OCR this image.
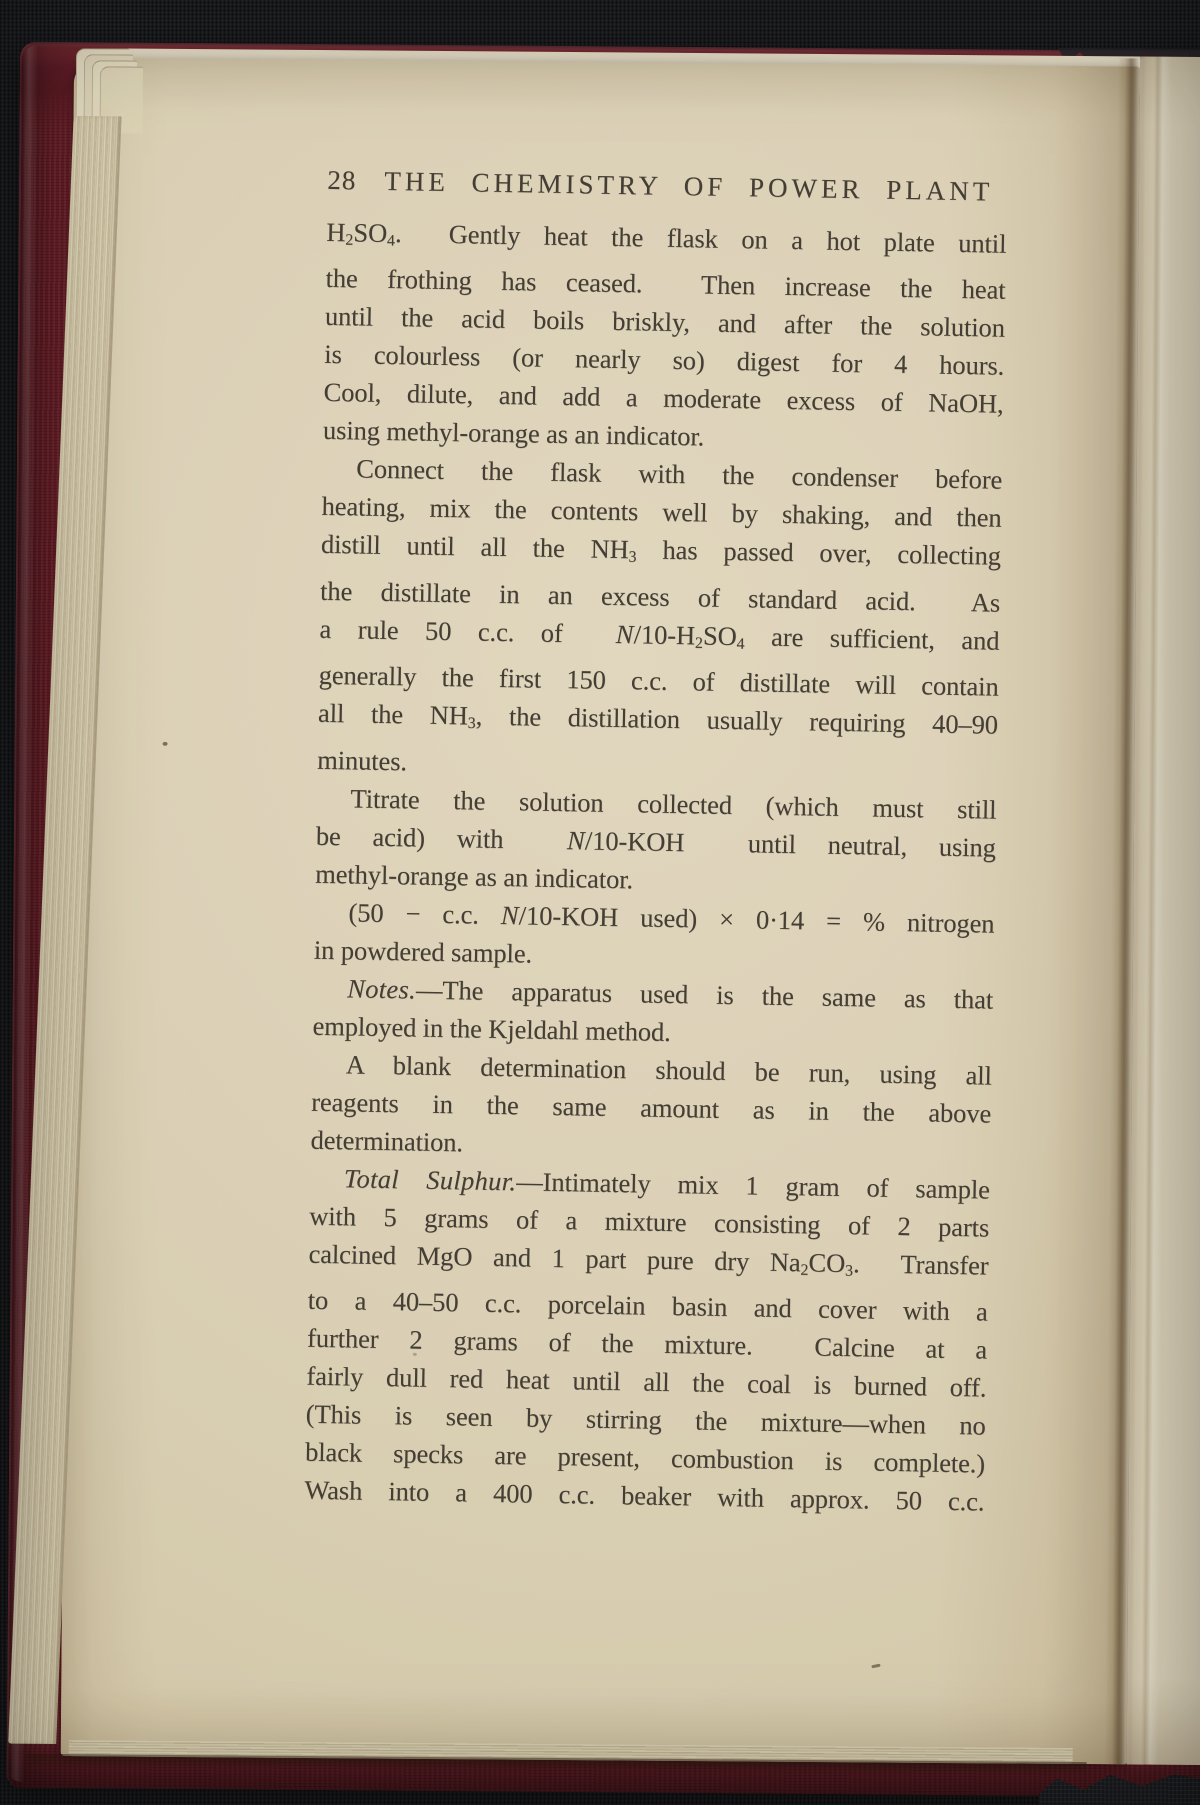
28 THE CHEMISTRY OF POWER PLANT
$H_2SO_4$.  Gently heat the flask on a hot plate until
the frothing has ceased.  Then increase the heat
until the acid boils briskly, and after the solution
is colourless (or nearly so) digest for 4 hours.
Cool, dilute, and add a moderate excess of NaOH,
using methyl-orange as an indicator.
Connect the flask with the condenser before
heating, mix the contents well by shaking, and then
distill until all the $NH_3$ has passed over, collecting
the distillate in an excess of standard acid.  As
a rule 50 c.c. of  $N/10-H_2SO_4$ are sufficient, and
generally the first 150 c.c. of distillate will contain
all the $NH_3$, the distillation usually requiring 40–90
minutes.
Titrate the solution collected (which must still
be acid) with  N/10-KOH  until neutral, using
methyl-orange as an indicator.
(50 − c.c. N/10-KOH used) × 0·14 = % nitrogen
in powdered sample.
Notes.—The apparatus used is the same as that
employed in the Kjeldahl method.
A blank determination should be run, using all
reagents in the same amount as in the above
determination.
Total Sulphur.—Intimately mix 1 gram of sample
with 5 grams of a mixture consisting of 2 parts
calcined MgO and 1 part pure dry $Na_2CO_3$.  Transfer
to a 40–50 c.c. porcelain basin and cover with a
further 2 grams of the mixture.  Calcine at a
fairly dull red heat until all the coal is burned off.
(This is seen by stirring the mixture—when no
black specks are present, combustion is complete.)
Wash into a 400 c.c. beaker with approx. 50 c.c.
